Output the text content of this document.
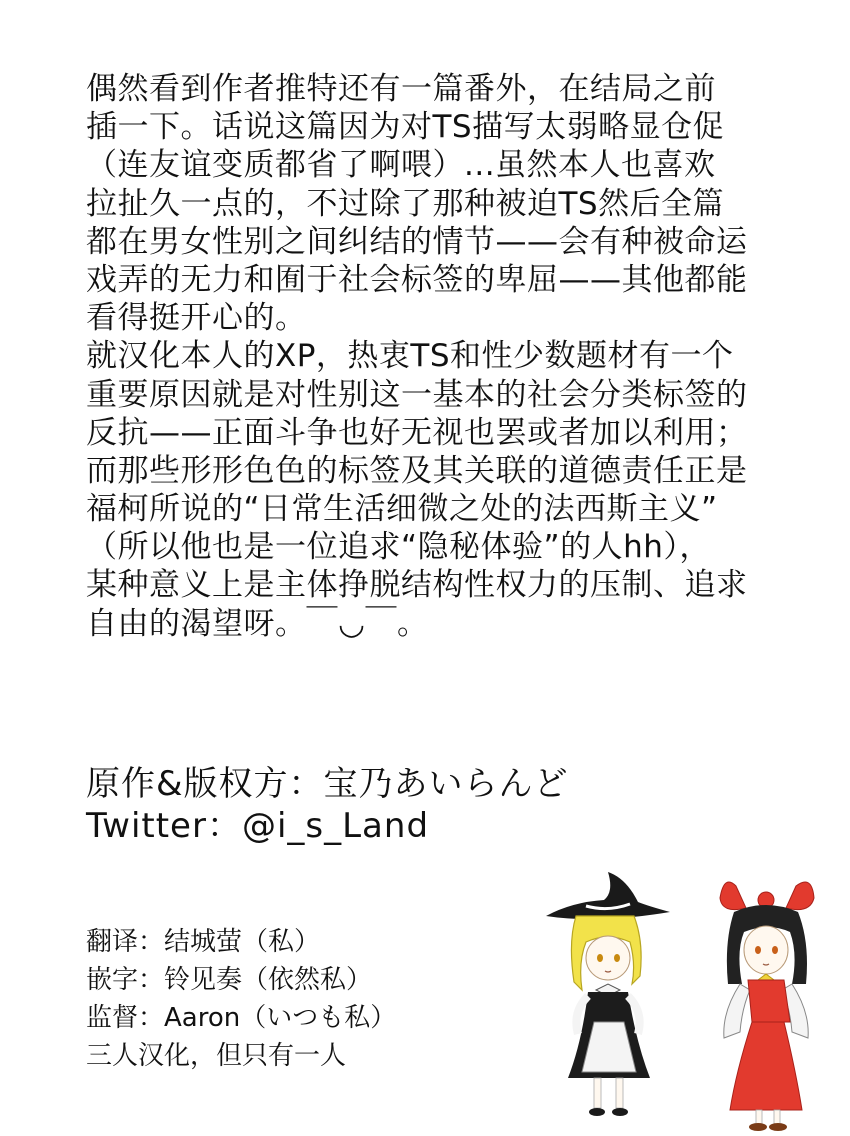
偶然看到作者推特还有一篇番外，在结局之前
插一下。话说这篇因为对TS描写太弱略显仓促
（连友谊变质都省了啊喂）...虽然本人也喜欢
拉扯久一点的，不过除了那种被迫TS然后全篇
都在男女性别之间纠结的情节——会有种被命运
戏弄的无力和囿于社会标签的卑屈——其他都能
看得挺开心的。
就汉化本人的XP，热衷TS和性少数题材有一个
重要原因就是对性别这一基本的社会分类标签的
反抗——正面斗争也好无视也罢或者加以利用；
而那些形形色色的标签及其关联的道德责任正是
福柯所说的“日常生活细微之处的法西斯主义”
（所以他也是一位追求“隐秘体验”的人hh），
某种意义上是主体挣脱结构性权力的压制、追求
自由的渴望呀。￣◡￣。
原作&版权方：宝乃あいらんど
Twitter：@i_s_Land
翻译：结城萤（私）
嵌字：铃见奏（依然私）
监督：Aaron（いつも私）
三人汉化，但只有一人
